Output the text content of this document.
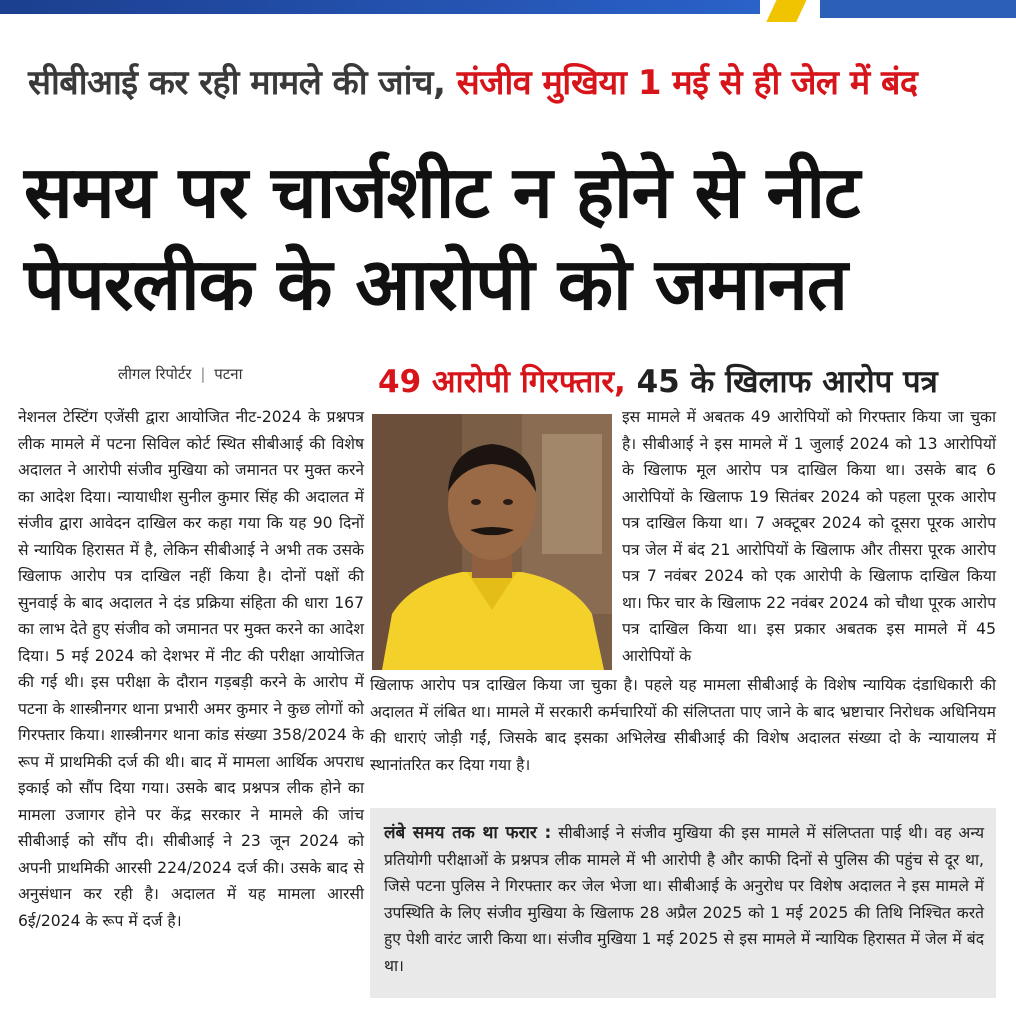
सीबीआई कर रही मामले की जांच, संजीव मुखिया 1 मई से ही जेल में बंद
समय पर चार्जशीट न होने से नीट
पेपरलीक के आरोपी को जमानत
लीगल रिपोर्टर | पटना	49 आरोपी गिरफ्तार, 45 के खिलाफ आरोप पत्र
नेशनल टेस्टिंग एजेंसी द्वारा आयोजित नीट-2024 के प्रश्नपत्र लीक मामले में पटना सिविल कोर्ट स्थित सीबीआई की विशेष अदालत ने आरोपी संजीव मुखिया को जमानत पर मुक्त करने का आदेश दिया। न्यायाधीश सुनील कुमार सिंह की अदालत में संजीव द्वारा आवेदन दाखिल कर कहा गया कि यह 90 दिनों से न्यायिक हिरासत में है, लेकिन सीबीआई ने अभी तक उसके खिलाफ आरोप पत्र दाखिल नहीं किया है। दोनों पक्षों की सुनवाई के बाद अदालत ने दंड प्रक्रिया संहिता की धारा 167 का लाभ देते हुए संजीव को जमानत पर मुक्त करने का आदेश दिया। 5 मई 2024 को देशभर में नीट की परीक्षा आयोजित की गई थी। इस परीक्षा के दौरान गड़बड़ी करने के आरोप में पटना के शास्त्रीनगर थाना प्रभारी अमर कुमार ने कुछ लोगों को गिरफ्तार किया। शास्त्रीनगर थाना कांड संख्या 358/2024 के रूप में प्राथमिकी दर्ज की थी। बाद में मामला आर्थिक अपराध इकाई को सौंप दिया गया। उसके बाद प्रश्नपत्र लीक होने का मामला उजागर होने पर केंद्र सरकार ने मामले की जांच सीबीआई को सौंप दी। सीबीआई ने 23 जून 2024 को अपनी प्राथमिकी आरसी 224/2024 दर्ज की। उसके बाद से अनुसंधान कर रही है। अदालत में यह मामला आरसी 6ई/2024 के रूप में दर्ज है।
इस मामले में अबतक 49 आरोपियों को गिरफ्तार किया जा चुका है। सीबीआई ने इस मामले में 1 जुलाई 2024 को 13 आरोपियों के खिलाफ मूल आरोप पत्र दाखिल किया था। उसके बाद 6 आरोपियों के खिलाफ 19 सितंबर 2024 को पहला पूरक आरोप पत्र दाखिल किया था। 7 अक्टूबर 2024 को दूसरा पूरक आरोप पत्र जेल में बंद 21 आरोपियों के खिलाफ और तीसरा पूरक आरोप पत्र 7 नवंबर 2024 को एक आरोपी के खिलाफ दाखिल किया था। फिर चार के खिलाफ 22 नवंबर 2024 को चौथा पूरक आरोप पत्र दाखिल किया था। इस प्रकार अबतक इस मामले में 45 आरोपियों के
खिलाफ आरोप पत्र दाखिल किया जा चुका है। पहले यह मामला सीबीआई के विशेष न्यायिक दंडाधिकारी की अदालत में लंबित था। मामले में सरकारी कर्मचारियों की संलिप्तता पाए जाने के बाद भ्रष्टाचार निरोधक अधिनियम की धाराएं जोड़ी गईं, जिसके बाद इसका अभिलेख सीबीआई की विशेष अदालत संख्या दो के न्यायालय में स्थानांतरित कर दिया गया है।
लंबे समय तक था फरार : सीबीआई ने संजीव मुखिया की इस मामले में संलिप्तता पाई थी। वह अन्य प्रतियोगी परीक्षाओं के प्रश्नपत्र लीक मामले में भी आरोपी है और काफी दिनों से पुलिस की पहुंच से दूर था, जिसे पटना पुलिस ने गिरफ्तार कर जेल भेजा था। सीबीआई के अनुरोध पर विशेष अदालत ने इस मामले में उपस्थिति के लिए संजीव मुखिया के खिलाफ 28 अप्रैल 2025 को 1 मई 2025 की तिथि निश्चित करते हुए पेशी वारंट जारी किया था। संजीव मुखिया 1 मई 2025 से इस मामले में न्यायिक हिरासत में जेल में बंद था।
